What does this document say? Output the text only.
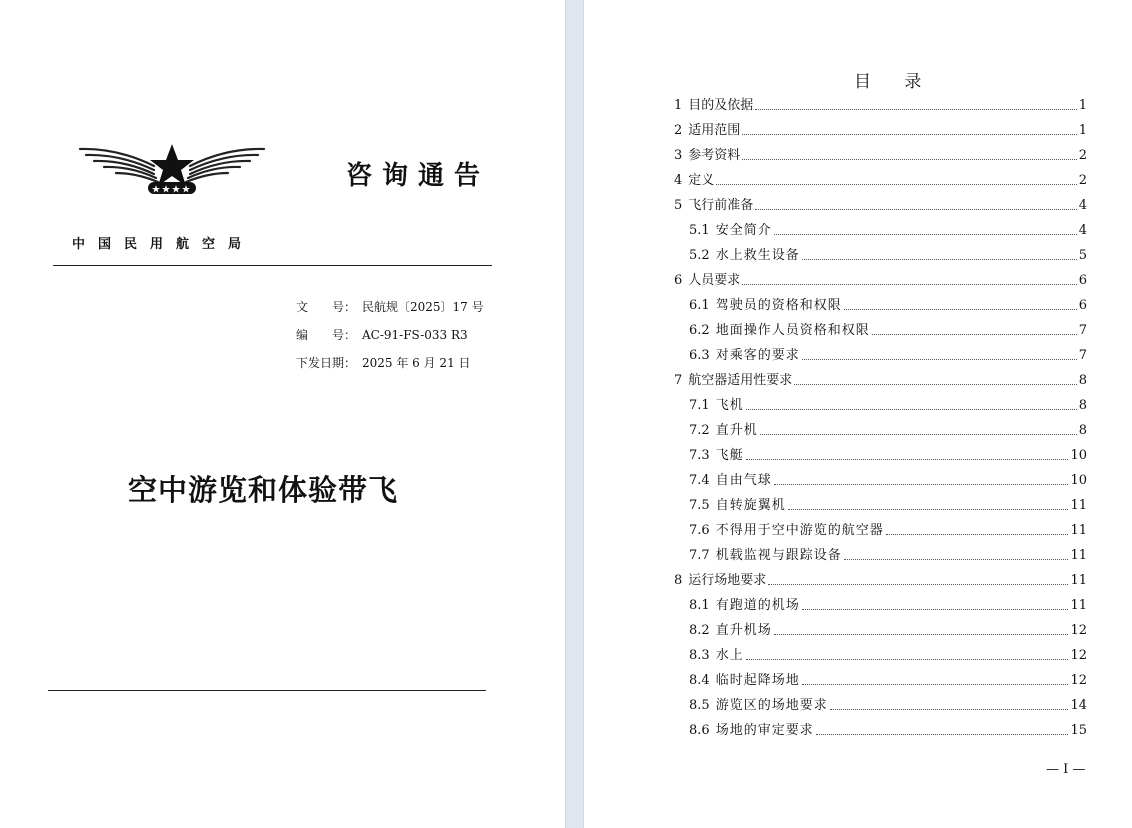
咨询通告
中国民用航空局
文　　号： 民航规〔2025〕17 号
编　　号： AC-91-FS-033 R3
下发日期： 2025 年 6 月 21 日
空中游览和体验带飞
目 录
1 目的及依据	1
2 适用范围	1
3 参考资料	2
4 定义	2
5 飞行前准备	4
5.1 安全简介	4
5.2 水上救生设备	5
6 人员要求	6
6.1 驾驶员的资格和权限	6
6.2 地面操作人员资格和权限	7
6.3 对乘客的要求	7
7 航空器适用性要求	8
7.1 飞机	8
7.2 直升机	8
7.3 飞艇	10
7.4 自由气球	10
7.5 自转旋翼机	11
7.6 不得用于空中游览的航空器	11
7.7 机载监视与跟踪设备	11
8 运行场地要求	11
8.1 有跑道的机场	11
8.2 直升机场	12
8.3 水上	12
8.4 临时起降场地	12
8.5 游览区的场地要求	14
8.6 场地的审定要求	15
— I —
